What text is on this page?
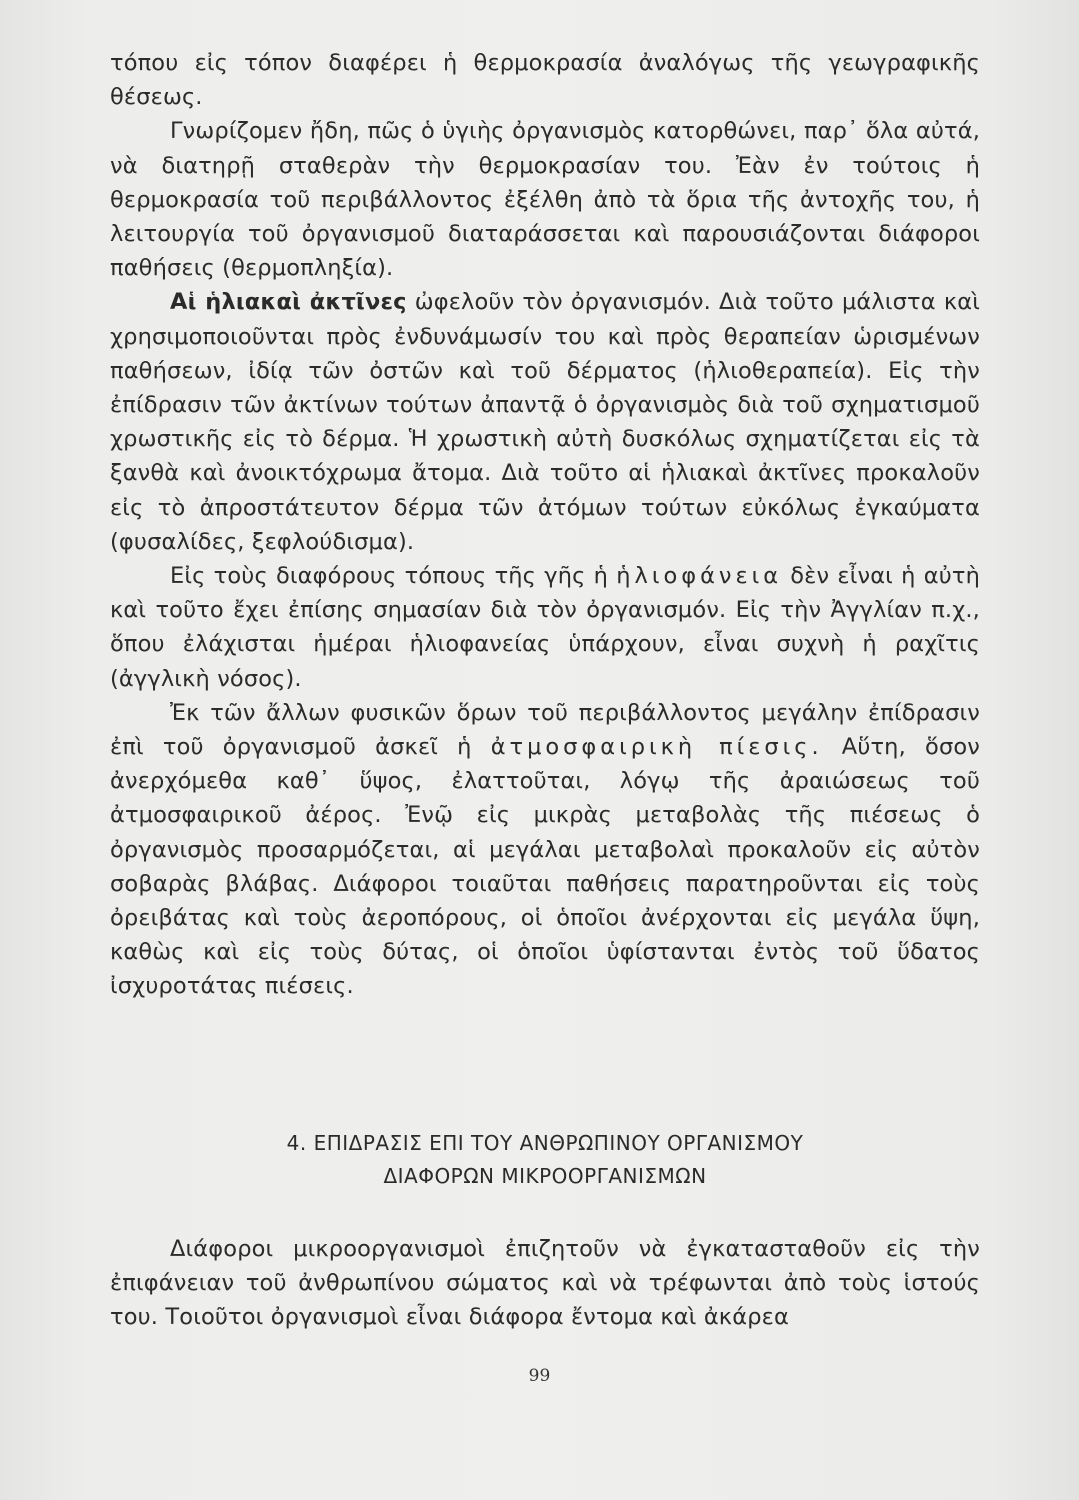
τόπου εἰς τόπον διαφέρει ἡ θερμοκρασία ἀναλόγως τῆς γεωγραφικῆς θέσεως.

Γνωρίζομεν ἤδη, πῶς ὁ ὑγιὴς ὀργανισμὸς κατορθώνει, παρ᾽ ὅλα αὐτά, νὰ διατηρῇ σταθερὰν τὴν θερμοκρασίαν του. Ἐὰν ἐν τούτοις ἡ θερμοκρασία τοῦ περιβάλλοντος ἐξέλθη ἀπὸ τὰ ὅρια τῆς ἀντοχῆς του, ἡ λειτουργία τοῦ ὀργανισμοῦ διαταράσσεται καὶ παρουσιάζονται διάφοροι παθήσεις (θερμοπληξία).

Αἱ ἡλιακαὶ ἀκτῖνες ὠφελοῦν τὸν ὀργανισμόν. Διὰ τοῦτο μάλιστα καὶ χρησιμοποιοῦνται πρὸς ἐνδυνάμωσίν του καὶ πρὸς θεραπείαν ὡρισμένων παθήσεων, ἰδίᾳ τῶν ὀστῶν καὶ τοῦ δέρματος (ἡλιοθεραπεία). Εἰς τὴν ἐπίδρασιν τῶν ἀκτίνων τούτων ἀπαντᾷ ὁ ὀργανισμὸς διὰ τοῦ σχηματισμοῦ χρωστικῆς εἰς τὸ δέρμα. Ἡ χρωστικὴ αὐτὴ δυσκόλως σχηματίζεται εἰς τὰ ξανθὰ καὶ ἀνοικτόχρωμα ἄτομα. Διὰ τοῦτο αἱ ἡλιακαὶ ἀκτῖνες προκαλοῦν εἰς τὸ ἀπροστάτευτον δέρμα τῶν ἀτόμων τούτων εὐκόλως ἐγκαύματα (φυσαλίδες, ξεφλούδισμα).

Εἰς τοὺς διαφόρους τόπους τῆς γῆς ἡ ἡλιοφάνεια δὲν εἶναι ἡ αὐτὴ καὶ τοῦτο ἔχει ἐπίσης σημασίαν διὰ τὸν ὀργανισμόν. Εἰς τὴν Ἀγγλίαν π.χ., ὅπου ἐλάχισται ἡμέραι ἡλιοφανείας ὑπάρχουν, εἶναι συχνὴ ἡ ραχῖτις (ἀγγλικὴ νόσος).

Ἐκ τῶν ἄλλων φυσικῶν ὅρων τοῦ περιβάλλοντος μεγάλην ἐπίδρασιν ἐπὶ τοῦ ὀργανισμοῦ ἀσκεῖ ἡ ἀτμοσφαιρικὴ πίεσις. Αὕτη, ὅσον ἀνερχόμεθα καθ᾽ ὕψος, ἐλαττοῦται, λόγῳ τῆς ἀραιώσεως τοῦ ἀτμοσφαιρικοῦ ἀέρος. Ἐνῷ εἰς μικρὰς μεταβολὰς τῆς πιέσεως ὁ ὀργανισμὸς προσαρμόζεται, αἱ μεγάλαι μεταβολαὶ προκαλοῦν εἰς αὐτὸν σοβαρὰς βλάβας. Διάφοροι τοιαῦται παθήσεις παρατηροῦνται εἰς τοὺς ὀρειβάτας καὶ τοὺς ἀεροπόρους, οἱ ὁποῖοι ἀνέρχονται εἰς μεγάλα ὕψη, καθὼς καὶ εἰς τοὺς δύτας, οἱ ὁποῖοι ὑφίστανται ἐντὸς τοῦ ὕδατος ἰσχυροτάτας πιέσεις.

4. ΕΠΙΔΡΑΣΙΣ ΕΠΙ ΤΟΥ ΑΝΘΡΩΠΙΝΟΥ ΟΡΓΑΝΙΣΜΟΥ
ΔΙΑΦΟΡΩΝ ΜΙΚΡΟΟΡΓΑΝΙΣΜΩΝ

Διάφοροι μικροοργανισμοὶ ἐπιζητοῦν νὰ ἐγκατασταθοῦν εἰς τὴν ἐπιφάνειαν τοῦ ἀνθρωπίνου σώματος καὶ νὰ τρέφωνται ἀπὸ τοὺς ἱστούς του. Τοιοῦτοι ὀργανισμοὶ εἶναι διάφορα ἔντομα καὶ ἀκάρεα

99
